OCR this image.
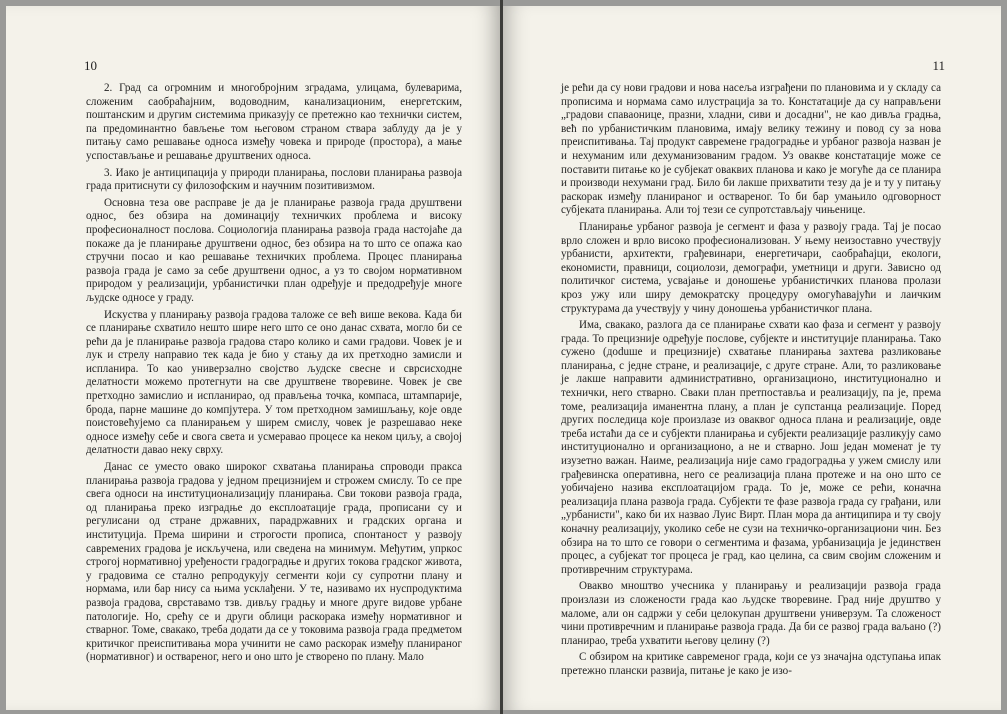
10

2. Град са огромним и многобројним зградама, улицама, булеварима, сложеним саобраћајним, водоводним, канализационим, енергетским, поштанским и другим системима приказују се претежно као технички систем, па предоминантно бављење том његовом страном ствара заблуду да је у питању само решавање односа између човека и природе (простора), а мање успостављање и решавање друштвених односа.

3. Иако је антиципација у природи планирања, послови планирања развоја града притиснути су филозофским и научним позитивизмом.

Основна теза ове расправе је да је планирање развоја града друштвени однос, без обзира на доминацију техничких проблема и високу професионалност послова. Социологија планирања развоја града настојаће да покаже да је планирање друштвени однос, без обзира на то што се опажа као стручни посао и као решавање техничких проблема. Процес планирања развоја града је само за себе друштвени однос, а уз то својом нормативном природом у реализацији, урбанистички план одређује и предодређује многе људске односе у граду.

Искуства у планирању развоја градова таложе се већ више векова. Када би се планирање схватило нешто шире него што се оно данас схвата, могло би се рећи да је планирање развоја градова старо колико и сами градови. Човек је и лук и стрелу направио тек када је био у стању да их претходно замисли и испланира. То као универзално својство људске свесне и сврсисходне делатности можемо протегнути на све друштвене творевине. Човек је све претходно замислио и испланирао, од прављења точка, компаса, штампарије, брода, парне машине до компјутера. У том претходном замишљању, које овде поистовећујемо са планирањем у ширем смислу, човек је разрешавао неке односе између себе и свога света и усмеравао процесе ка неком циљу, а својој делатности давао неку сврху.

Данас се уместо овако широког схватања планирања спроводи пракса планирања развоја градова у једном прецизнијем и строжем смислу. То се пре свега односи на институционализацију планирања. Сви токови развоја града, од планирања преко изградње до експлоатације града, прописани су и регулисани од стране државних, парадржавних и градских органа и институција. Према ширини и строгости прописа, спонтаност у развоју савремених градова је искључена, или сведена на минимум. Међутим, упркос строгој нормативној уређености градоградње и других токова градског живота, у градовима се стално репродукују сегменти који су супротни плану и нормама, или бар нису са њима усклађени. У те, називамо их нуспродуктима развоја градова, сврставамо тзв. дивљу градњу и многе друге видове урбане патологије. Но, срећу се и други облици раскорака између нормативног и стварног. Томе, свакако, треба додати да се у токовима развоја града предметом критичког преиспитивања мора учинити не само раскорак између планираног (нормативног) и оствареног, него и оно што је створено по плану. Мало

11

је рећи да су нови градови и нова насеља изграђени по плановима и у складу са прописима и нормама само илустрација за то. Констатације да су направљени „градови спаваонице, празни, хладни, сиви и досадни", не као дивља градња, већ по урбанистичким плановима, имају велику тежину и повод су за нова преиспитивања. Тај продукт савремене градоградње и урбаног развоја назван је и нехуманим или дехуманизованим градом. Уз овакве констатације може се поставити питање ко је субјекат оваквих планова и како је могуће да се планира и производи нехумани град. Било би лакше прихватити тезу да је и ту у питању раскорак између планираног и оствареног. То би бар умањило одговорност субјеката планирања. Али тој тези се супротстављају чињенице.

Планирање урбаног развоја је сегмент и фаза у развоју града. Тај је посао врло сложен и врло високо професионализован. У њему неизоставно учествују урбанисти, архитекти, грађевинари, енергетичари, саобраћајци, екологи, економисти, правници, социолози, демографи, уметници и други. Зависно од политичког система, усвајање и доношење урбанистичких планова пролази кроз ужу или ширу демократску процедуру омогућавајући и лаичким структурама да учествују у чину доношења урбанистичког плана.

Има, свакако, разлога да се планирање схвати као фаза и сегмент у развоју града. То прецизније одређује послове, субјекте и институције планирања. Тако сужено (доduше и прецизније) схватање планирања захтева разликовање планирања, с једне стране, и реализације, с друге стране. Али, то разликовање је лакше направити административно, организационо, институционално и технички, него стварно. Сваки план претпоставља и реализацију, па је, према томе, реализација иманентна плану, а план је супстанца реализације. Поред других последица које произлазе из оваквог односа плана и реализације, овде треба истаћи да се и субјекти планирања и субјекти реализације разликују само институционално и организационо, а не и стварно. Још један моменат је ту изузетно важан. Наиме, реализација није само градоградња у ужем смислу или грађевинска оперативна, него се реализација плана протеже и на оно што се уобичајено назива експлоатацијом града. То је, може се рећи, коначна реализација плана развоја града. Субјекти те фазе развоја града су грађани, или „урбанисти", како би их назвао Луис Вирт. План мора да антиципира и ту своју коначну реализацију, уколико себе не сузи на техничко-организациони чин. Без обзира на то што се говори о сегментима и фазама, урбанизација је јединствен процес, а субјекат тог процеса је град, као целина, са свим својим сложеним и противречним структурама.

Овакво мноштво учесника у планирању и реализацији развоја града произлази из сложености града као људске творевине. Град није друштво у маломе, али он садржи у себи целокупан друштвени универзум. Та сложеност чини противречним и планирање развоја града. Да би се развој града ваљано (?) планирао, треба ухватити његову целину (?)

С обзиром на критике савременог града, који се уз значајна одступања ипак претежно плански развија, питање је како је изо-
